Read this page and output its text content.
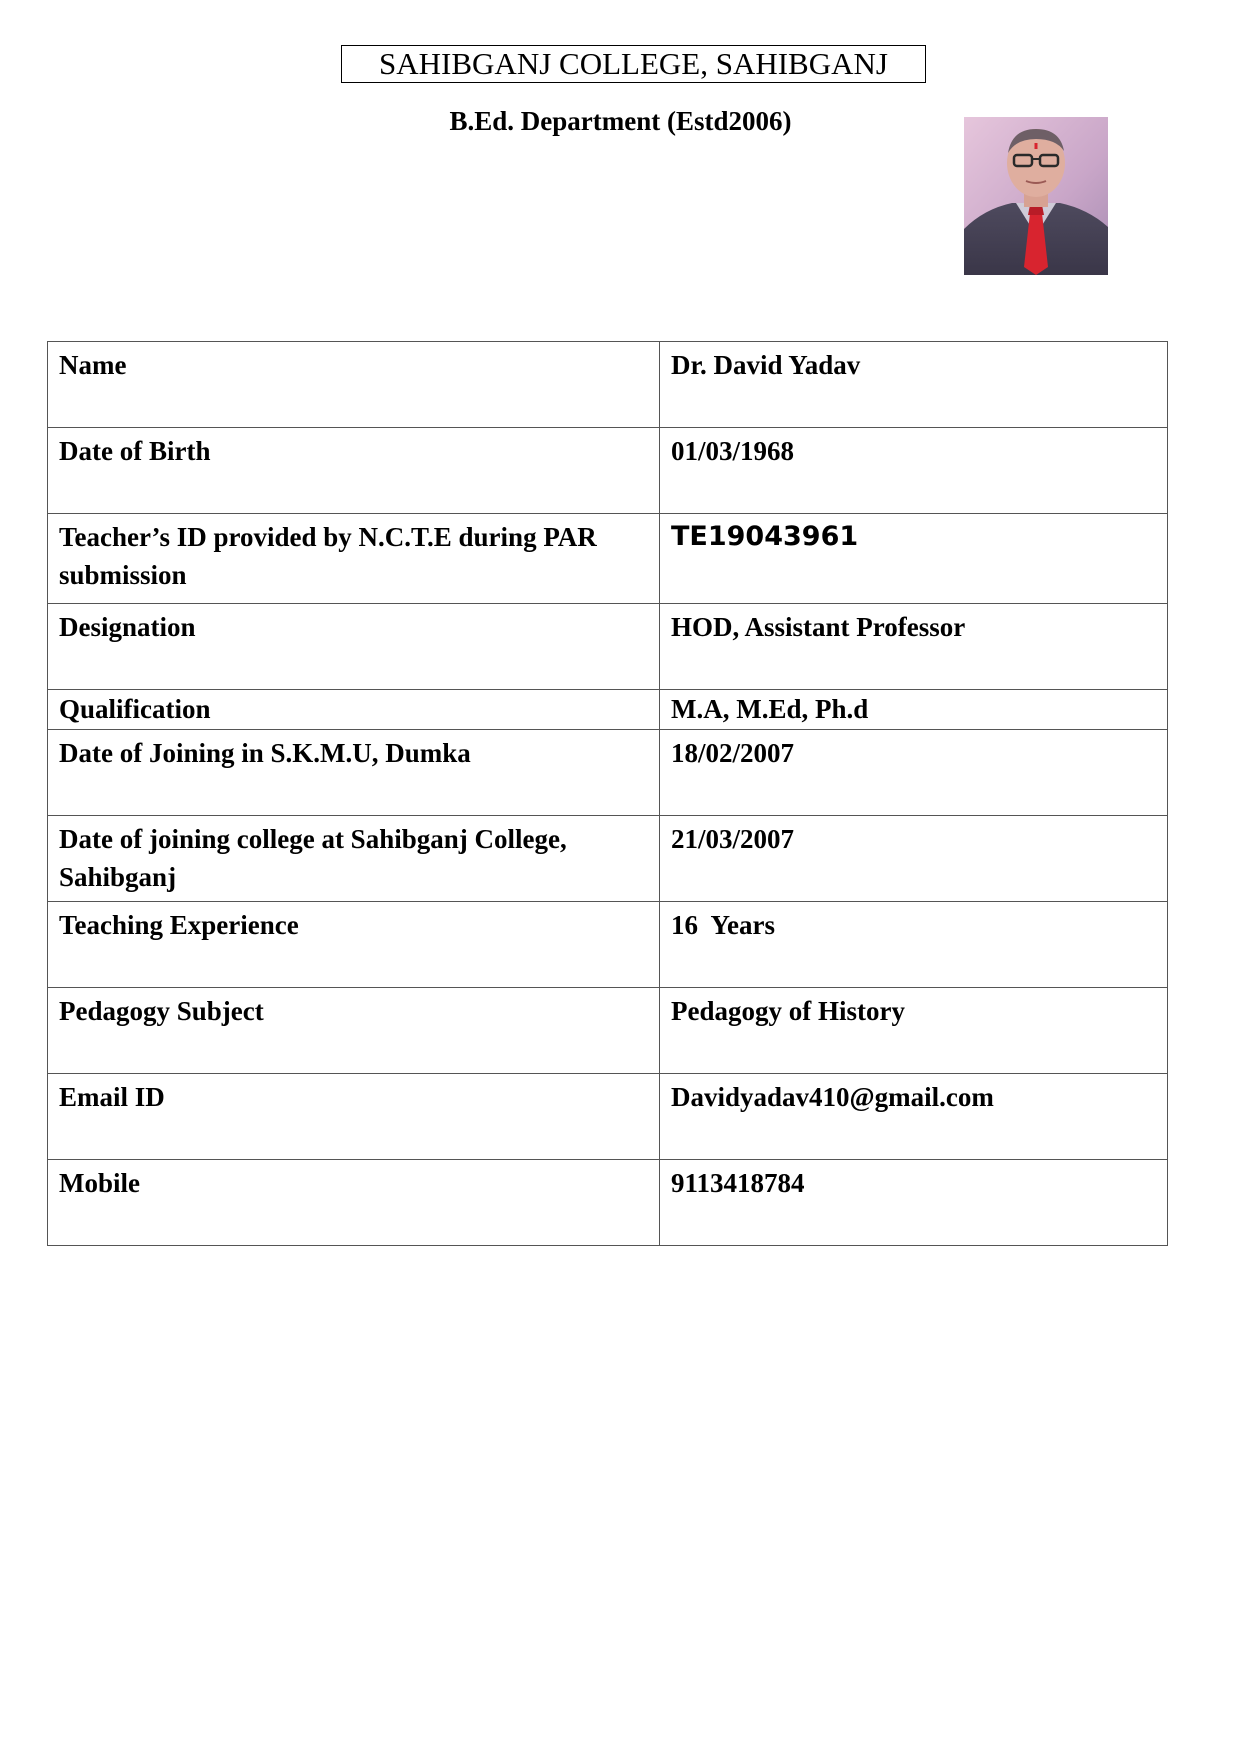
SAHIBGANJ COLLEGE, SAHIBGANJ
B.Ed. Department (Estd2006)
Name	Dr. David Yadav
Date of Birth	01/03/1968
Teacher’s ID provided by N.C.T.E during PAR submission	TE19043961
Designation	HOD, Assistant Professor
Qualification	M.A, M.Ed, Ph.d
Date of Joining in S.K.M.U, Dumka	18/02/2007
Date of joining college at Sahibganj College, Sahibganj	21/03/2007
Teaching Experience	16  Years
Pedagogy Subject	Pedagogy of History
Email ID	Davidyadav410@gmail.com
Mobile	9113418784
